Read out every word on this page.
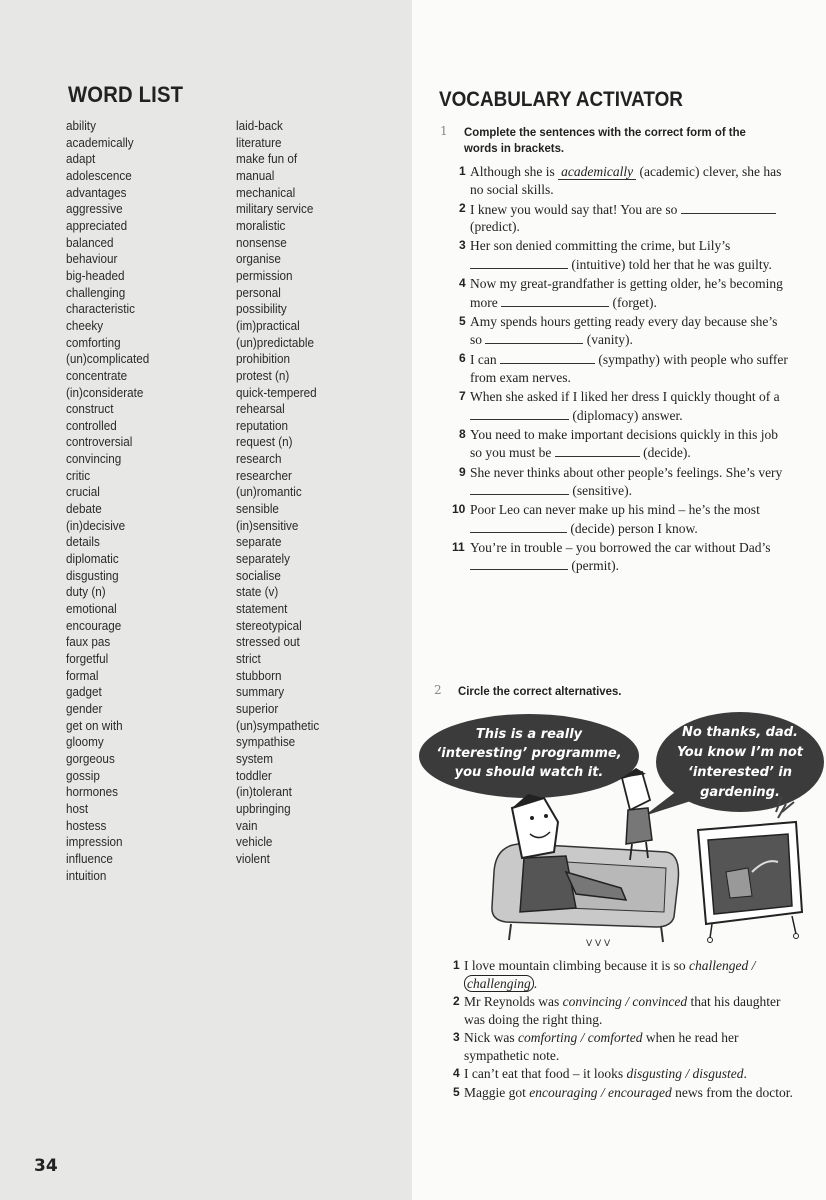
WORD LIST
ability
academically
adapt
adolescence
advantages
aggressive
appreciated
balanced
behaviour
big-headed
challenging
characteristic
cheeky
comforting
(un)complicated
concentrate
(in)considerate
construct
controlled
controversial
convincing
critic
crucial
debate
(in)decisive
details
diplomatic
disgusting
duty (n)
emotional
encourage
faux pas
forgetful
formal
gadget
gender
get on with
gloomy
gorgeous
gossip
hormones
host
hostess
impression
influence
intuition
laid-back
literature
make fun of
manual
mechanical
military service
moralistic
nonsense
organise
permission
personal
possibility
(im)practical
(un)predictable
prohibition
protest (n)
quick-tempered
rehearsal
reputation
request (n)
research
researcher
(un)romantic
sensible
(in)sensitive
separate
separately
socialise
state (v)
statement
stereotypical
stressed out
strict
stubborn
summary
superior
(un)sympathetic
sympathise
system
toddler
(in)tolerant
upbringing
vain
vehicle
violent
34
VOCABULARY ACTIVATOR
1 Complete the sentences with the correct form of the
words in brackets.
1 Although she is academically (academic) clever, she has no social skills.
2 I knew you would say that! You are so  (predict).
3 Her son denied committing the crime, but Lily’s  (intuitive) told her that he was guilty.
4 Now my great-grandfather is getting older, he’s becoming more	(forget).
5 Amy spends hours getting ready every day because she’s so	(vanity).
6 I can	(sympathy) with people who suffer from exam nerves.
7 When she asked if I liked her dress I quickly thought of a  (diplomacy) answer.
8 You need to make important decisions quickly in this job so you must be	(decide).
9 She never thinks about other people’s feelings. She’s very  (sensitive).
10 Poor Leo can never make up his mind – he’s the most  (decide) person I know.
11 You’re in trouble – you borrowed the car without Dad’s  (permit).
2 Circle the correct alternatives.
This is a really
‘interesting’ programme,
you should watch it.
No thanks, dad.
You know I’m not
‘interested’ in
gardening.
V V V
1 I love mountain climbing because it is so challenged / challenging .
2 Mr Reynolds was convincing / convinced that his daughter was doing the right thing.
3 Nick was comforting / comforted when he read her sympathetic note.
4 I can’t eat that food – it looks disgusting / disgusted.
5 Maggie got encouraging / encouraged news from the doctor.
